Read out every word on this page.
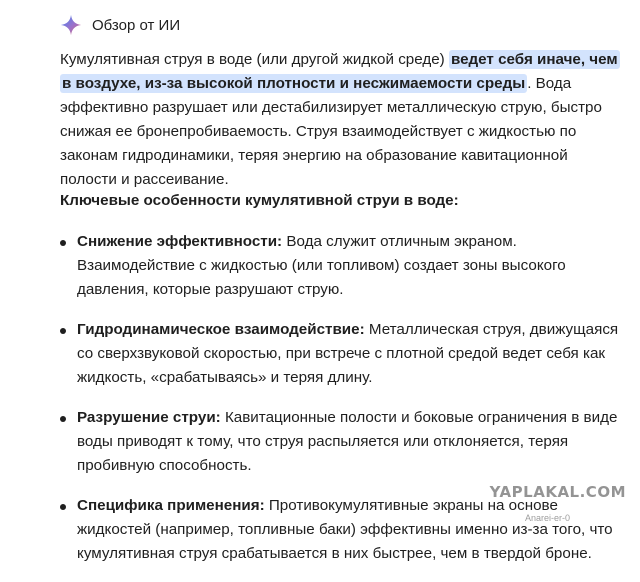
Обзор от ИИ

Кумулятивная струя в воде (или другой жидкой среде) ведет себя иначе, чем в воздухе, из-за высокой плотности и несжимаемости среды . Вода эффективно разрушает или дестабилизирует металлическую струю, быстро снижая ее бронепробиваемость. Струя взаимодействует с жидкостью по законам гидродинамики, теряя энергию на образование кавитационной полости и рассеивание.

Ключевые особенности кумулятивной струи в воде:

Снижение эффективности: Вода служит отличным экраном. Взаимодействие с жидкостью (или топливом) создает зоны высокого давления, которые разрушают струю.
Гидродинамическое взаимодействие: Металлическая струя, движущаяся со сверхзвуковой скоростью, при встрече с плотной средой ведет себя как жидкость, «срабатываясь» и теряя длину.
Разрушение струи: Кавитационные полости и боковые ограничения в виде воды приводят к тому, что струя распыляется или отклоняется, теряя пробивную способность.
Специфика применения: Противокумулятивные экраны на основе жидкостей (например, топливные баки) эффективны именно из-за того, что кумулятивная струя срабатывается в них быстрее, чем в твердой броне.
YAPLAKAL.COM
Anarei-er-0
